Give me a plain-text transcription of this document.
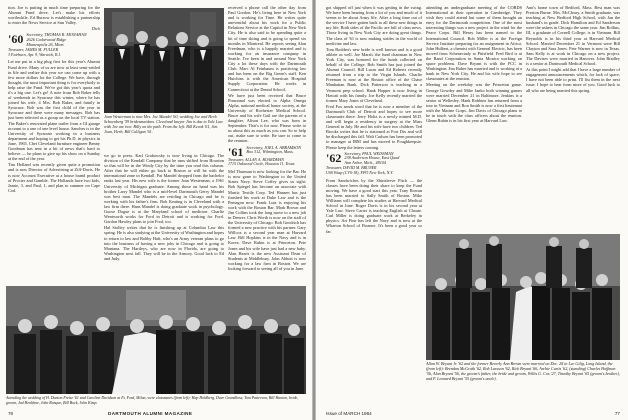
tion. Joe is putting in much time preparing for the Alumni Fund drive. Let's make his efforts worthwhile. Ed Burrow is establishing a partnership to enter the News Service at Sun Valley.

Dick

'60 Secretary, THOMAS R. MONAHAN
2626 Cedarwood Ridge
Minneapolis 26, Minn.
Treasurer, JAMES M. FULLER
3 Fairburn, Apt. 9, Warwick, R.I.

Let me put in a big plug first for this year's Alumni Fund drive. Many of us are now at least semi-settled in life and realize this year we can come up with a few more dollars for the College. We have, through thought, the most important thing is for everybody to help raise the Fund. We've got this year's quota and it's a big one. Let's go! A note from Bob Baker tells of weekends in Syracuse this winter, where he has joined his wife, 4 Mrs. Bob Baker, and family in Syracuse. Bob was the first child of the year in Syracuse and there were many messages. Bob has just been selected as a group on the local TV station. The Baker's renovated plane trailer from a GI garage account to a one of one level house. Sanches is in the University of Syracuse working in a business department and hoping to get his Ph.D. in physics in June, 1965. Chet Cleveland furniture engineer Benny Goodman has sent in a bit of news that's hard to believe — he plans to give up his show on a Sunday at the end of the year.

Tim Holland was recently given quite a promotion and is now Director of Advertising at Ziff-Davis. He is now Account Executive at a house brand product of Procter and Gamble. The Hollands have two kids, Jamie, 3, and Paul, 1, and plan to summer on Cape Cod.

Joan Westerman is now Mrs. Joe Mandel '60, wedding Joe and Herb Schoenberg '59 bridesmaidens. Cleveland lawyer Jim is due to Yale Law with Joe are two: Billy on the path. From the left: Bill Keenk '61, Jim. Joan, Herb, Bill Culligan '61.

we go to press. Karl Grabowsky is now living in Chicago. The division of the Kendall Company that he runs shifted from Houston so that will be in the Windy City by the time you read this column. After that he will either go back to Boston or will be with the international zone in Kendall. Pat Mandel dropped from the bachelor ranks last year. His new wife is the former Joan Westerman, a 1961 University of Michigan graduate. Among those on hand was his brother Larry Mandel who is a mid-level Dartmouth Gerry Mandel was best man. The Mandels are residing in Chicago and he is working with his father's firm. Bob Keating is in Cleveland with a law firm there. Hans Mandel is doing graduate work in psychology. Goose Dogue is at the Maryland school of medicine. Charlie Wentworth works for Ford in Detroit and is working for Ford. Gordon Hawley plans to join Ford, too.

Hal Stolley writes that he is finishing up at Columbia Law this spring. He is also studying at the University of Washington and hopes to return to law and Bobby Haft, who's an Army veteran plans to go into the business of having a new jobs in Chicago and is going to Montana. The Hartleys, who are now in Florida, are going to Washington next fall. They will be in the Armory. Good luck to Ed and Judy.

received a phone call the other day from Paul Gordon. He's living here in New York and is working for Time. He writes quite uneventful about his work for a Public Relations Service at the Capitol in New York City. He is also said to be spending quite a bit of time skiing and is going to spend six months in Montreal. He reports seeing Alan Freedman, who is a happily married and is working for an insurance company in Seattle. I've been in and around New York City a lot these days with the Dartmouth Club. Marc Al Feinbaum is practicing law and has been on the Big Green's staff. Ken Hutchins is with the American Hospital Supply Corporation. He works in Connecticut at the Dental School.

We have just been received that Bruce Pinsonnal was elected to Alpha Omega Alpha, national medical honor society, at the University of Rochester Medical School. Bruce and his wife Gail are the parents of a daughter, Alison Lee, who was born in September. That's it for now. Please write to us about this as much as you can. So to help out, make sure to write. Be sure to come to the reunion.

'61 Secretary, JOEL A. ABRAMSON
Box 312, Wilmington, Mass.
Treasurer, ALLAN A. BOARDMAN
1715 Oakwood Circle, Houston 11, Texas

Mel Thurman is now looking for the Bar. He is now gone to Washington to the United States Navy. Steve Coffey gives us sight: Bob Spiegel has become an associate with Mastic Textile Corp. Ted Hansen has just finished his work at Duke Law and is the Pentagon now. Frank Lutz is enjoying his work with the Boston Bar. Mark Brown and Jim Collins took the long move to a new job in Denver. Chris Worth is now on the staff of the University of Chicago. Bob Goodrich has formed a new practice with his partner. Gary Willcox is a second year man at Harvard Law. Bill Hopkins is in the Navy and is in Korea. Dave Rubin is at Princeton. Pete Jones and his wife have just had a new baby. Alan Harris is the new Assistant Dean of Students at Middlebury. John Abbott is now working for a law firm in Boston. We are looking forward to seeing all of you in June.

Attending the wedding of H. Dunton Freise '61 and Caroline Davidson at Ft. Ford, Milan, were classmates (from left): Hap Holdberg, Dave Grandhoss, Tom Patterson, Bill Hanton, bride, groom, Jud Healthne, John Ranque, Bill Bock, John Kimp.
76	DARTMOUTH ALUMNI MAGAZINE

got shipped off just when it was getting in the swing. We have been hearing from a lot of you and much of it seems to be about Army life. After a long time out of the service I have gotten back to all these new things in my life. Both sides of the Pacific are full of class news. Those living in New York City are doing great things. The class of '61 is now making strides in the world of medicine and law.

Tom Bodden's new bride is well known and is a good athlete as well. Joe Marsh, the fund chairman in New York City, was honored for the funds collected on behalf of the College. Bob Smith has just joined the Alumni Council. Bill Lucas and Ed Roberts recently returned from a trip to the Virgin Islands. Charlie Freeman is now at the Boston office of the Chase Manhattan Bank. Dick Patterson is teaching in a Vermont prep school. Hank Hopper is now living in Hawaii with his family. Joe Kelly recently married the former Mary Jones of Cleveland.

Fred Fox sends word that he is now a member of the Dartmouth Club of Detroit and hopes to see more classmates there. Jerry Holtz is a newly minted M.D. and will begin a residency in surgery at the Mass General in July. He and his wife have two children. Ted Brooks writes that he is stationed at Fort Dix and will be discharged this fall. Walt Carlson has been promoted to manager at IBM and has moved to Poughkeepsie. Please keep the letters coming.

'62 Secretary, PAUL WEISSMAN
238 Anderson House, East Quad
Ann Arbor, Mich., 48104
Treasurer, DAVID M. BRUNER
USS Wasp (CVS-18), FPO New York, N.Y.

From Sandwiches by the Shirtsleeve Pitch — the classes have been doing their share to keep the Fund moving. We have a good start this year. Tony Rowan has been married to Sally Smith of Boston. Mike Williams will complete his studies at Harvard Medical School in June. Roger Davis is in his second year at Yale Law. Steve Carter is teaching English at Choate. Carl Miller is doing graduate work at Berkeley in physics. Art Fine has left the Navy and is now at the Wharton School of Finance. It's been a good year so far.

attending an undergraduate meeting of the CORDS International at their operation in Cambridge. They wish they could attend but some of them brought an envy for the Dartmouth competition. One of the most interesting things was a new project in the wind for the Peace Corps. Bill Henry has been named to the International Council. Bob Miller is at the Foreign Service Institute preparing for an assignment in Africa. John Hulbert, a chemist with General Electric, has been moved from Schenectady to Pittsfield. Fred Bird is at the Rand Corporation in Santa Monica working on space problems. Dave Bryant is with the FCC in Washington. Jim Baker has married and is working at a bank in New York City. He and his wife hope to see classmates at the reunion.

Meeting on the weekday was the Princeton game. George Gowdey and Mike Janko both winning games were married December 21 in Baltimore. Jenkins is a senior at Wellesley. Hank Robbins has returned from a tour in Vietnam and Ron Smith is now a first lieutenant with the Marine Corps. Jim Davis of Chicago plans to be in touch with the class officers about the reunion. Glenn Rubin is in his first year at Harvard Law.

Ann's home town of Bedford, Mass. Best man was Preston Burne. Mrs. McCleary, a Smith graduate, was teaching at New Bedford High School, with Jan the husband's in grade. Dick Hamilton and Ed Sanderson were the ushers in Chicago the same year. Jim Rollins, III, a graduate of Cornell College, is in Vietnam. Bill Reynolds is in his third year at Harvard Medical School. Married December 21 in Vermont were Bill Clayton and Sara Jones. Pete Warner is now in Texas. Sam Kelly is at work in Chicago on a new project. The Davises were married in Hanover. John Bradley is a senior at Dartmouth Medical School.

At this point I might add that I have a large number of engagement announcements which, for lack of space, I have not been able to print. I'll list them in the next issue. I hope to hear from more of you. Good luck to all who are being married this spring.

Allan W. Bryant Jr. '62 and the former Beverly Ann Brown were married on Dec. 28 in Lee Gilig, Long Island, the (from left): Brendan McGrath '62, Rob Larsson '62, Rick Bryant '66, Archie Curtis '62, (standing) Charles Hoffman '56, Alan Bryant '56, the groom's father, the bride and groom, Willis G. Cox '27, Timothy Bryant '65 (groom's brother), and F. Leonard Bryant '55 (groom's uncle).
Issue of MARCH 1964	77
